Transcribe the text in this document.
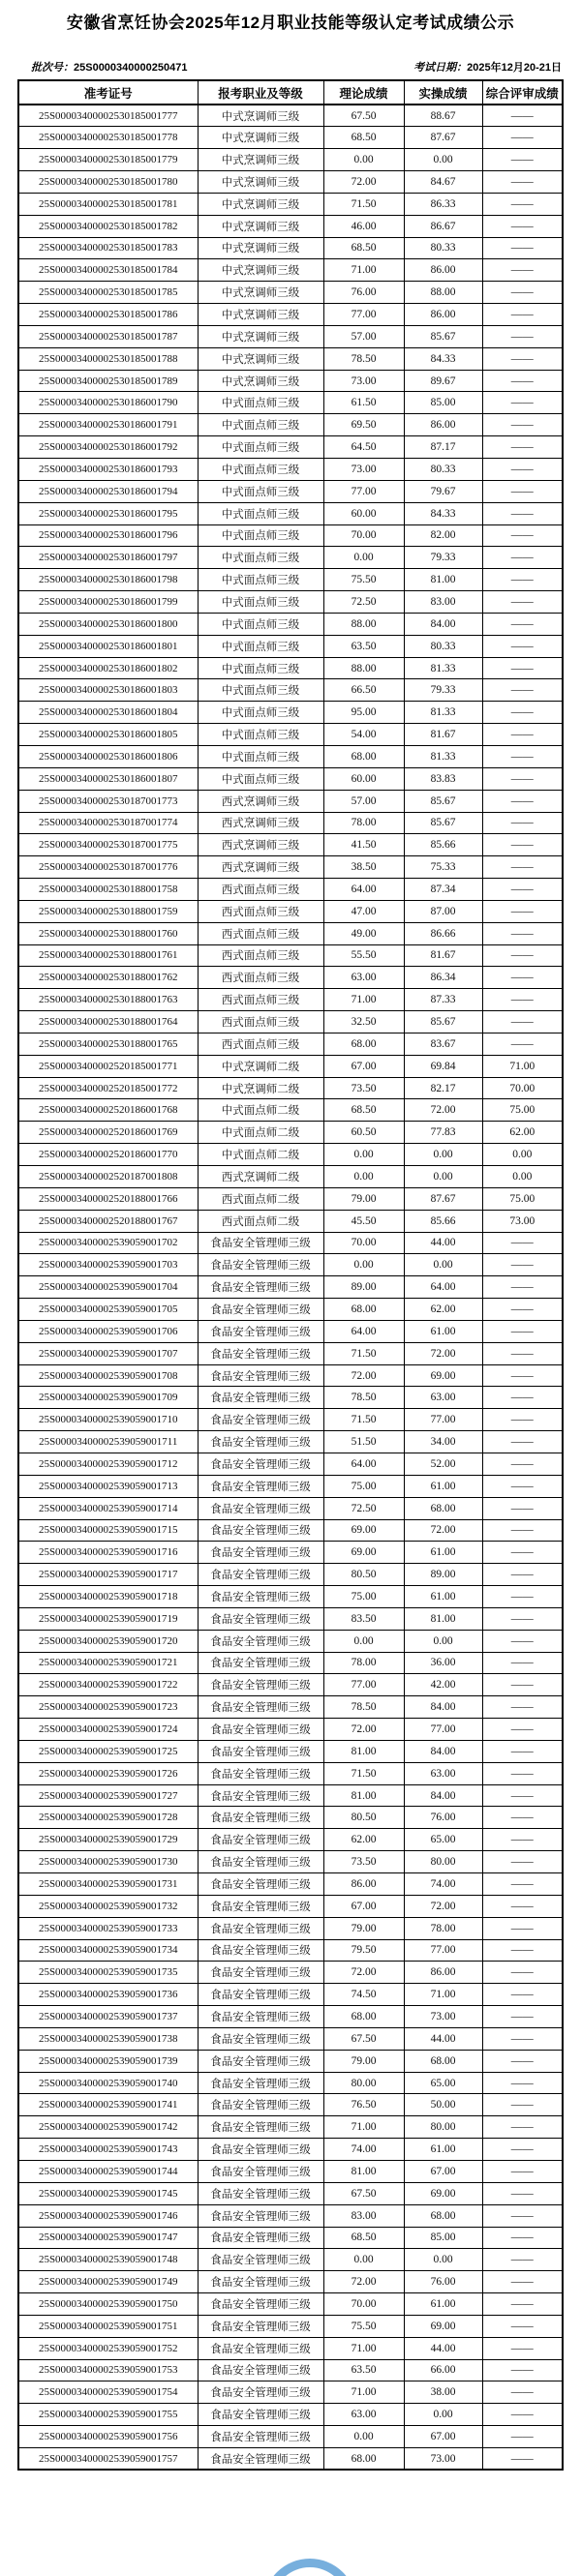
安徽省烹饪协会2025年12月职业技能等级认定考试成绩公示
批次号：25S0000340000250471	考试日期：2025年12月20-21日
准考证号	报考职业及等级	理论成绩	实操成绩	综合评审成绩
25S00003400002530185001777	中式烹调师三级	67.50	88.67	——
25S00003400002530185001778	中式烹调师三级	68.50	87.67	——
25S00003400002530185001779	中式烹调师三级	0.00	0.00	——
25S00003400002530185001780	中式烹调师三级	72.00	84.67	——
25S00003400002530185001781	中式烹调师三级	71.50	86.33	——
25S00003400002530185001782	中式烹调师三级	46.00	86.67	——
25S00003400002530185001783	中式烹调师三级	68.50	80.33	——
25S00003400002530185001784	中式烹调师三级	71.00	86.00	——
25S00003400002530185001785	中式烹调师三级	76.00	88.00	——
25S00003400002530185001786	中式烹调师三级	77.00	86.00	——
25S00003400002530185001787	中式烹调师三级	57.00	85.67	——
25S00003400002530185001788	中式烹调师三级	78.50	84.33	——
25S00003400002530185001789	中式烹调师三级	73.00	89.67	——
25S00003400002530186001790	中式面点师三级	61.50	85.00	——
25S00003400002530186001791	中式面点师三级	69.50	86.00	——
25S00003400002530186001792	中式面点师三级	64.50	87.17	——
25S00003400002530186001793	中式面点师三级	73.00	80.33	——
25S00003400002530186001794	中式面点师三级	77.00	79.67	——
25S00003400002530186001795	中式面点师三级	60.00	84.33	——
25S00003400002530186001796	中式面点师三级	70.00	82.00	——
25S00003400002530186001797	中式面点师三级	0.00	79.33	——
25S00003400002530186001798	中式面点师三级	75.50	81.00	——
25S00003400002530186001799	中式面点师三级	72.50	83.00	——
25S00003400002530186001800	中式面点师三级	88.00	84.00	——
25S00003400002530186001801	中式面点师三级	63.50	80.33	——
25S00003400002530186001802	中式面点师三级	88.00	81.33	——
25S00003400002530186001803	中式面点师三级	66.50	79.33	——
25S00003400002530186001804	中式面点师三级	95.00	81.33	——
25S00003400002530186001805	中式面点师三级	54.00	81.67	——
25S00003400002530186001806	中式面点师三级	68.00	81.33	——
25S00003400002530186001807	中式面点师三级	60.00	83.83	——
25S00003400002530187001773	西式烹调师三级	57.00	85.67	——
25S00003400002530187001774	西式烹调师三级	78.00	85.67	——
25S00003400002530187001775	西式烹调师三级	41.50	85.66	——
25S00003400002530187001776	西式烹调师三级	38.50	75.33	——
25S00003400002530188001758	西式面点师三级	64.00	87.34	——
25S00003400002530188001759	西式面点师三级	47.00	87.00	——
25S00003400002530188001760	西式面点师三级	49.00	86.66	——
25S00003400002530188001761	西式面点师三级	55.50	81.67	——
25S00003400002530188001762	西式面点师三级	63.00	86.34	——
25S00003400002530188001763	西式面点师三级	71.00	87.33	——
25S00003400002530188001764	西式面点师三级	32.50	85.67	——
25S00003400002530188001765	西式面点师三级	68.00	83.67	——
25S00003400002520185001771	中式烹调师二级	67.00	69.84	71.00
25S00003400002520185001772	中式烹调师二级	73.50	82.17	70.00
25S00003400002520186001768	中式面点师二级	68.50	72.00	75.00
25S00003400002520186001769	中式面点师二级	60.50	77.83	62.00
25S00003400002520186001770	中式面点师二级	0.00	0.00	0.00
25S00003400002520187001808	西式烹调师二级	0.00	0.00	0.00
25S00003400002520188001766	西式面点师二级	79.00	87.67	75.00
25S00003400002520188001767	西式面点师二级	45.50	85.66	73.00
25S00003400002539059001702	食品安全管理师三级	70.00	44.00	——
25S00003400002539059001703	食品安全管理师三级	0.00	0.00	——
25S00003400002539059001704	食品安全管理师三级	89.00	64.00	——
25S00003400002539059001705	食品安全管理师三级	68.00	62.00	——
25S00003400002539059001706	食品安全管理师三级	64.00	61.00	——
25S00003400002539059001707	食品安全管理师三级	71.50	72.00	——
25S00003400002539059001708	食品安全管理师三级	72.00	69.00	——
25S00003400002539059001709	食品安全管理师三级	78.50	63.00	——
25S00003400002539059001710	食品安全管理师三级	71.50	77.00	——
25S00003400002539059001711	食品安全管理师三级	51.50	34.00	——
25S00003400002539059001712	食品安全管理师三级	64.00	52.00	——
25S00003400002539059001713	食品安全管理师三级	75.00	61.00	——
25S00003400002539059001714	食品安全管理师三级	72.50	68.00	——
25S00003400002539059001715	食品安全管理师三级	69.00	72.00	——
25S00003400002539059001716	食品安全管理师三级	69.00	61.00	——
25S00003400002539059001717	食品安全管理师三级	80.50	89.00	——
25S00003400002539059001718	食品安全管理师三级	75.00	61.00	——
25S00003400002539059001719	食品安全管理师三级	83.50	81.00	——
25S00003400002539059001720	食品安全管理师三级	0.00	0.00	——
25S00003400002539059001721	食品安全管理师三级	78.00	36.00	——
25S00003400002539059001722	食品安全管理师三级	77.00	42.00	——
25S00003400002539059001723	食品安全管理师三级	78.50	84.00	——
25S00003400002539059001724	食品安全管理师三级	72.00	77.00	——
25S00003400002539059001725	食品安全管理师三级	81.00	84.00	——
25S00003400002539059001726	食品安全管理师三级	71.50	63.00	——
25S00003400002539059001727	食品安全管理师三级	81.00	84.00	——
25S00003400002539059001728	食品安全管理师三级	80.50	76.00	——
25S00003400002539059001729	食品安全管理师三级	62.00	65.00	——
25S00003400002539059001730	食品安全管理师三级	73.50	80.00	——
25S00003400002539059001731	食品安全管理师三级	86.00	74.00	——
25S00003400002539059001732	食品安全管理师三级	67.00	72.00	——
25S00003400002539059001733	食品安全管理师三级	79.00	78.00	——
25S00003400002539059001734	食品安全管理师三级	79.50	77.00	——
25S00003400002539059001735	食品安全管理师三级	72.00	86.00	——
25S00003400002539059001736	食品安全管理师三级	74.50	71.00	——
25S00003400002539059001737	食品安全管理师三级	68.00	73.00	——
25S00003400002539059001738	食品安全管理师三级	67.50	44.00	——
25S00003400002539059001739	食品安全管理师三级	79.00	68.00	——
25S00003400002539059001740	食品安全管理师三级	80.00	65.00	——
25S00003400002539059001741	食品安全管理师三级	76.50	50.00	——
25S00003400002539059001742	食品安全管理师三级	71.00	80.00	——
25S00003400002539059001743	食品安全管理师三级	74.00	61.00	——
25S00003400002539059001744	食品安全管理师三级	81.00	67.00	——
25S00003400002539059001745	食品安全管理师三级	67.50	69.00	——
25S00003400002539059001746	食品安全管理师三级	83.00	68.00	——
25S00003400002539059001747	食品安全管理师三级	68.50	85.00	——
25S00003400002539059001748	食品安全管理师三级	0.00	0.00	——
25S00003400002539059001749	食品安全管理师三级	72.00	76.00	——
25S00003400002539059001750	食品安全管理师三级	70.00	61.00	——
25S00003400002539059001751	食品安全管理师三级	75.50	69.00	——
25S00003400002539059001752	食品安全管理师三级	71.00	44.00	——
25S00003400002539059001753	食品安全管理师三级	63.50	66.00	——
25S00003400002539059001754	食品安全管理师三级	71.00	38.00	——
25S00003400002539059001755	食品安全管理师三级	63.00	0.00	——
25S00003400002539059001756	食品安全管理师三级	0.00	67.00	——
25S00003400002539059001757	食品安全管理师三级	68.00	73.00	——
